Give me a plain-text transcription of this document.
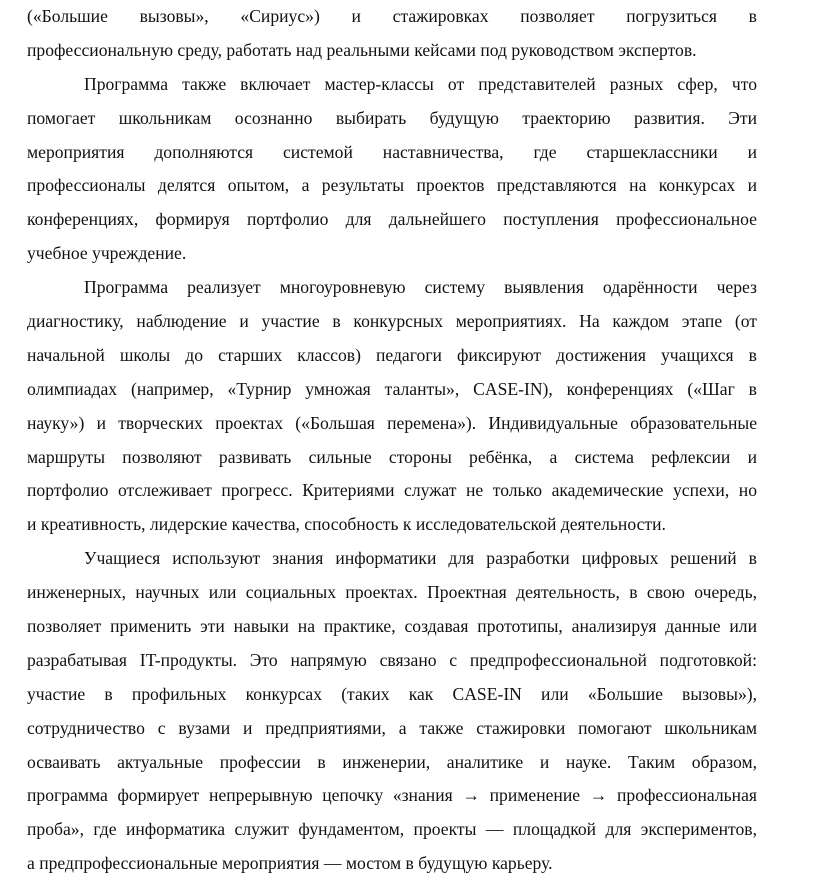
(«Большие вызовы», «Сириус») и стажировках позволяет погрузиться в
профессиональную среду, работать над реальными кейсами под руководством экспертов.
Программа также включает мастер-классы от представителей разных сфер, что
помогает школьникам осознанно выбирать будущую траекторию развития. Эти
мероприятия дополняются системой наставничества, где старшеклассники и
профессионалы делятся опытом, а результаты проектов представляются на конкурсах и
конференциях, формируя портфолио для дальнейшего поступления профессиональное
учебное учреждение.
Программа реализует многоуровневую систему выявления одарённости через
диагностику, наблюдение и участие в конкурсных мероприятиях. На каждом этапе (от
начальной школы до старших классов) педагоги фиксируют достижения учащихся в
олимпиадах (например, «Турнир умножая таланты», CASE-IN), конференциях («Шаг в
науку») и творческих проектах («Большая перемена»). Индивидуальные образовательные
маршруты позволяют развивать сильные стороны ребёнка, а система рефлексии и
портфолио отслеживает прогресс. Критериями служат не только академические успехи, но
и креативность, лидерские качества, способность к исследовательской деятельности.
Учащиеся используют знания информатики для разработки цифровых решений в
инженерных, научных или социальных проектах. Проектная деятельность, в свою очередь,
позволяет применить эти навыки на практике, создавая прототипы, анализируя данные или
разрабатывая IT-продукты. Это напрямую связано с предпрофессиональной подготовкой:
участие в профильных конкурсах (таких как CASE-IN или «Большие вызовы»),
сотрудничество с вузами и предприятиями, а также стажировки помогают школьникам
осваивать актуальные профессии в инженерии, аналитике и науке. Таким образом,
программа формирует непрерывную цепочку «знания → применение → профессиональная
проба», где информатика служит фундаментом, проекты — площадкой для экспериментов,
а предпрофессиональные мероприятия — мостом в будущую карьеру.
